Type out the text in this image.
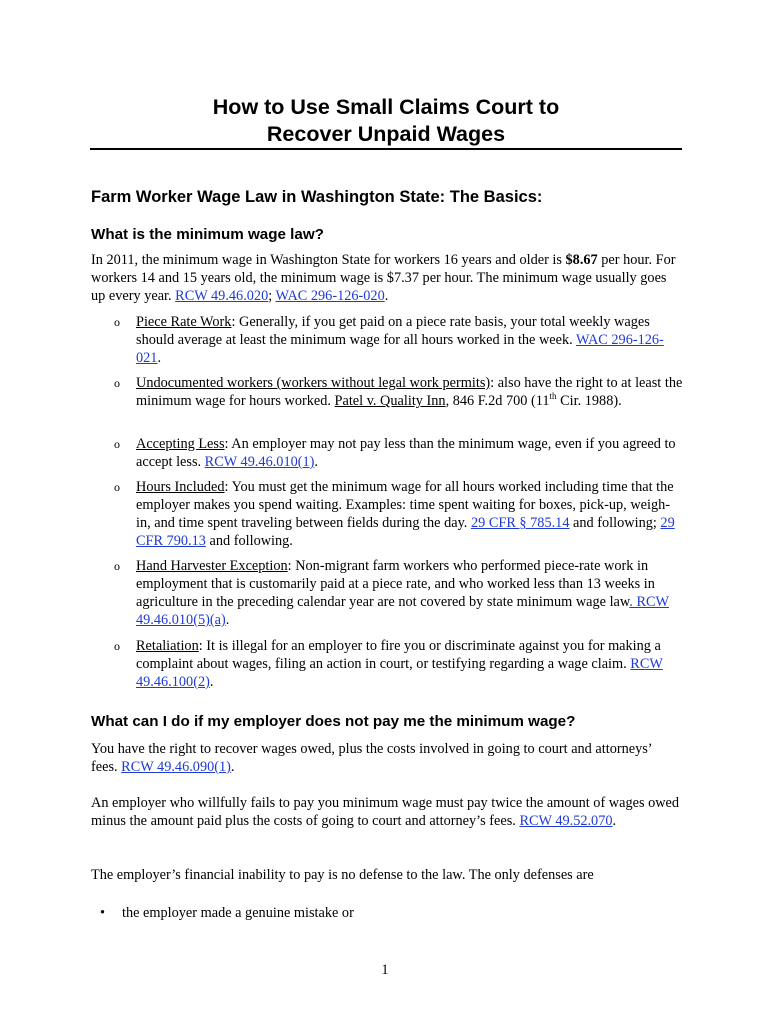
How to Use Small Claims Court to
Recover Unpaid Wages
Farm Worker Wage Law in Washington State: The Basics:
What is the minimum wage law?
In 2011, the minimum wage in Washington State for workers 16 years and older is $8.67 per hour. For workers 14 and 15 years old, the minimum wage is $7.37 per hour. The minimum wage usually goes up every year. RCW 49.46.020; WAC 296-126-020.
o Piece Rate Work: Generally, if you get paid on a piece rate basis, your total weekly wages should average at least the minimum wage for all hours worked in the week. WAC 296-126-021.
o Undocumented workers (workers without legal work permits): also have the right to at least the minimum wage for hours worked. Patel v. Quality Inn, 846 F.2d 700 (11th Cir. 1988).
o Accepting Less: An employer may not pay less than the minimum wage, even if you agreed to accept less. RCW 49.46.010(1).
o Hours Included: You must get the minimum wage for all hours worked including time that the employer makes you spend waiting. Examples: time spent waiting for boxes, pick-up, weigh-in, and time spent traveling between fields during the day. 29 CFR § 785.14 and following; 29 CFR 790.13 and following.
o Hand Harvester Exception: Non-migrant farm workers who performed piece-rate work in employment that is customarily paid at a piece rate, and who worked less than 13 weeks in agriculture in the preceding calendar year are not covered by state minimum wage law. RCW 49.46.010(5)(a).
o Retaliation: It is illegal for an employer to fire you or discriminate against you for making a complaint about wages, filing an action in court, or testifying regarding a wage claim. RCW 49.46.100(2).
What can I do if my employer does not pay me the minimum wage?
You have the right to recover wages owed, plus the costs involved in going to court and attorneys’ fees. RCW 49.46.090(1).
An employer who willfully fails to pay you minimum wage must pay twice the amount of wages owed minus the amount paid plus the costs of going to court and attorney’s fees. RCW 49.52.070.
The employer’s financial inability to pay is no defense to the law. The only defenses are
• the employer made a genuine mistake or
1
